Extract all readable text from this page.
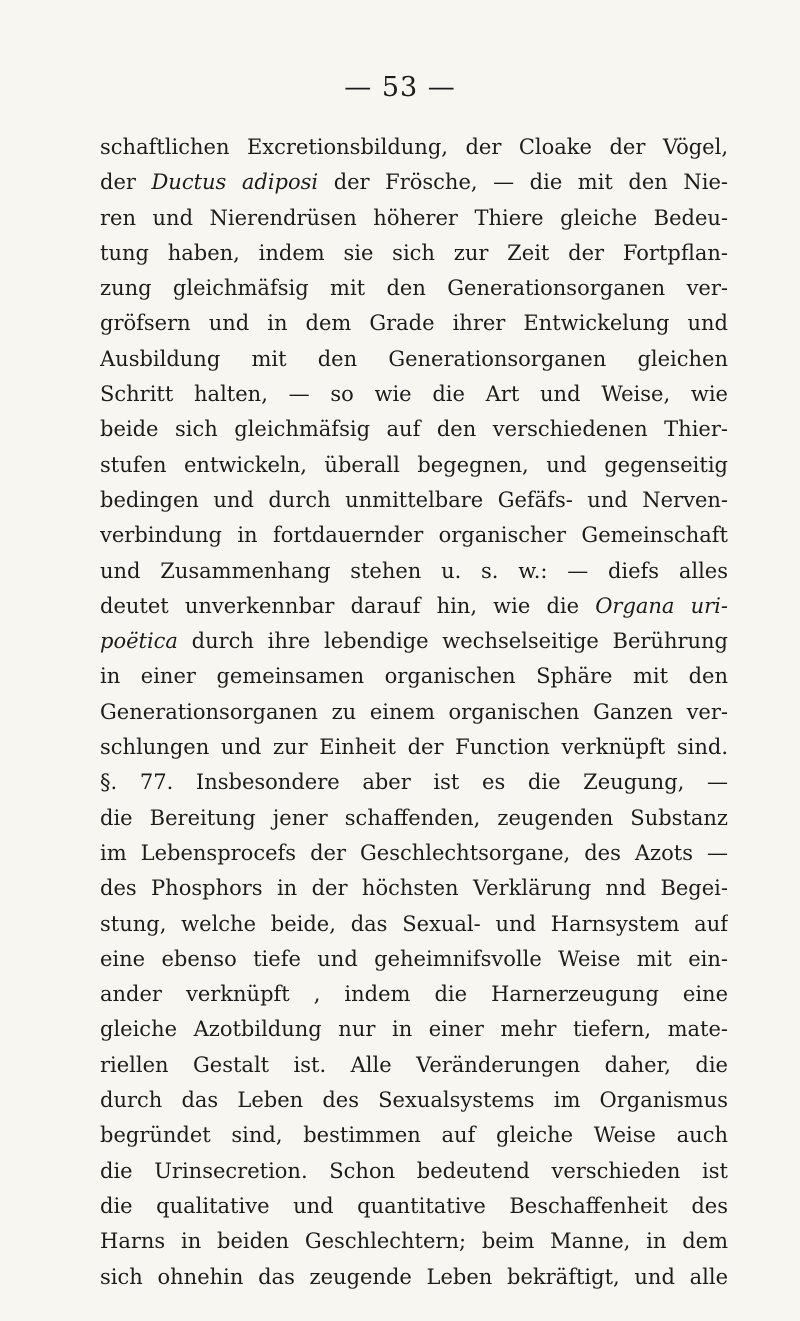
— 53 —
schaftlichen Excretionsbildung, der Cloake der Vögel,
der Ductus adiposi der Frösche, — die mit den Nie-
ren und Nierendrüsen höherer Thiere gleiche Bedeu-
tung haben, indem sie sich zur Zeit der Fortpflan-
zung gleichmäfsig mit den Generationsorganen ver-
gröfsern und in dem Grade ihrer Entwickelung und
Ausbildung mit den Generationsorganen gleichen
Schritt halten, — so wie die Art und Weise, wie
beide sich gleichmäfsig auf den verschiedenen Thier-
stufen entwickeln, überall begegnen, und gegenseitig
bedingen und durch unmittelbare Gefäfs- und Nerven-
verbindung in fortdauernder organischer Gemeinschaft
und Zusammenhang stehen u. s. w.: — diefs alles
deutet unverkennbar darauf hin, wie die Organa uri-
poëtica durch ihre lebendige wechselseitige Berührung
in einer gemeinsamen organischen Sphäre mit den
Generationsorganen zu einem organischen Ganzen ver-
schlungen und zur Einheit der Function verknüpft sind.
§. 77. Insbesondere aber ist es die Zeugung, —
die Bereitung jener schaffenden, zeugenden Substanz
im Lebensprocefs der Geschlechtsorgane, des Azots —
des Phosphors in der höchsten Verklärung nnd Begei-
stung, welche beide, das Sexual- und Harnsystem auf
eine ebenso tiefe und geheimnifsvolle Weise mit ein-
ander verknüpft , indem die Harnerzeugung eine
gleiche Azotbildung nur in einer mehr tiefern, mate-
riellen Gestalt ist. Alle Veränderungen daher, die
durch das Leben des Sexualsystems im Organismus
begründet sind, bestimmen auf gleiche Weise auch
die Urinsecretion. Schon bedeutend verschieden ist
die qualitative und quantitative Beschaffenheit des
Harns in beiden Geschlechtern; beim Manne, in dem
sich ohnehin das zeugende Leben bekräftigt, und alle
